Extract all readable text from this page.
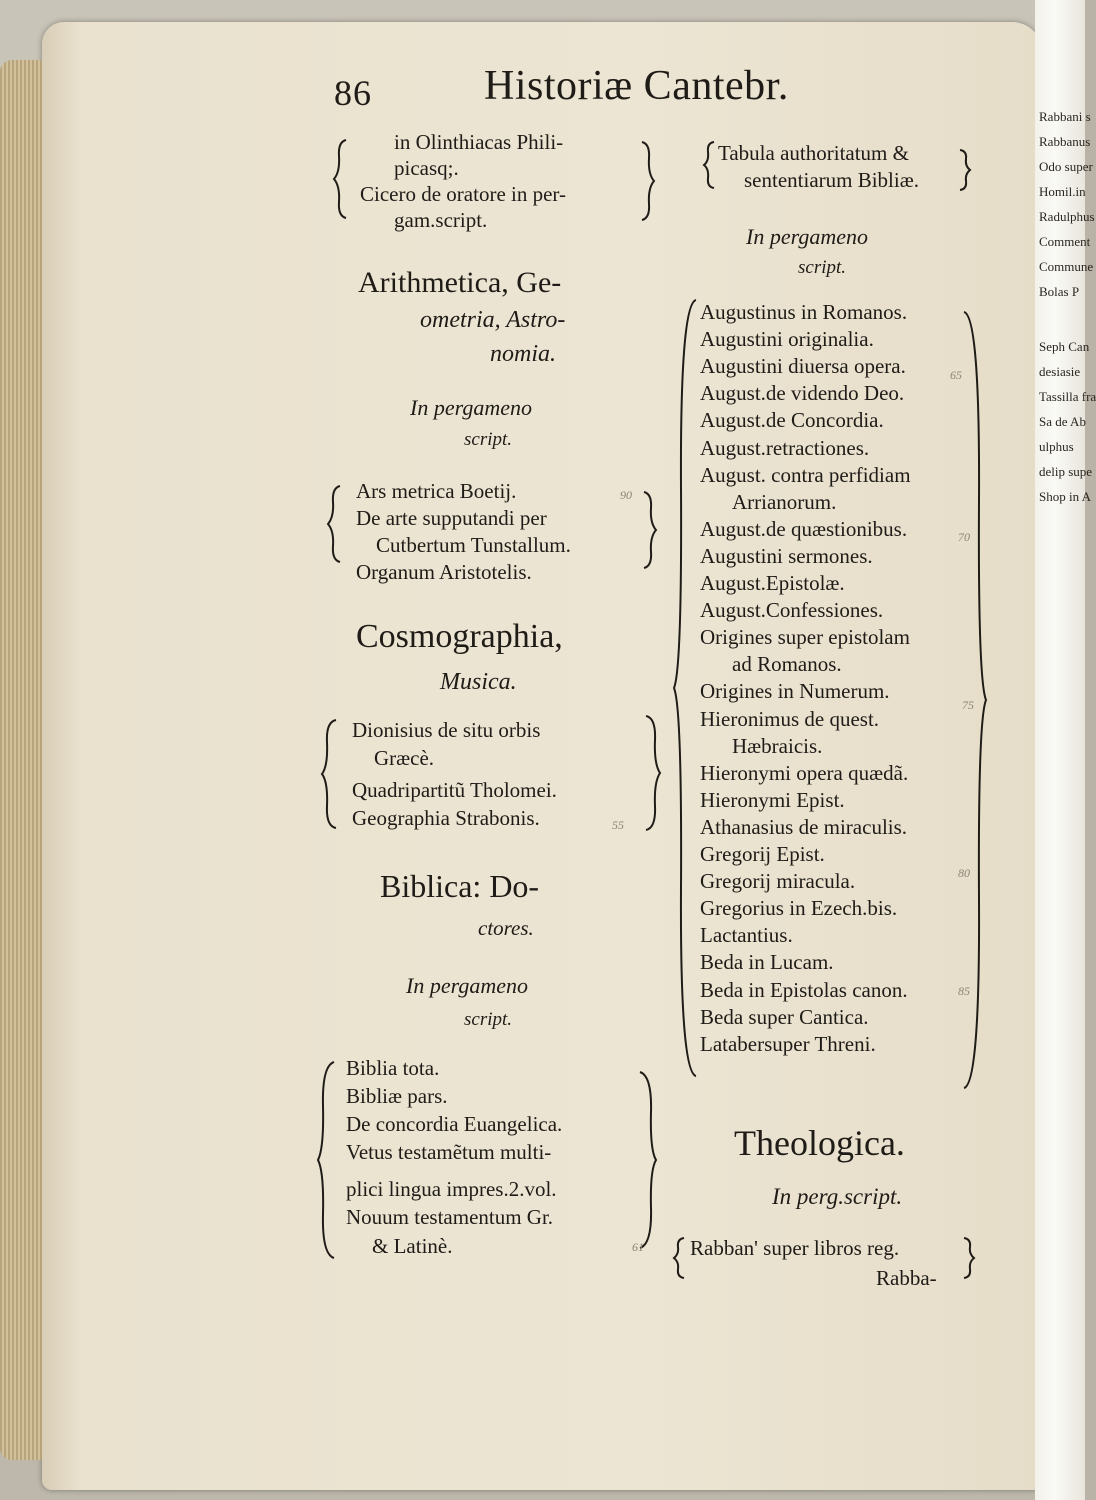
Rabbani s
Rabbanus
Odo super
Homil.in
Radulphus
Comment
Commune
Bolas P
Seph Can
desiasie
Tassilla fra
Sa de Ab
ulphus
delip supe
Shop in A
86	Historiæ Cantebr.
in Olinthiacas Phili-
picasq;.
Cicero de oratore in per-
gam.script.
Arithmetica, Ge-
ometria, Astro-
nomia.
In pergameno
script.
Ars metrica Boetij.
De arte supputandi per
Cutbertum Tunstallum.
Organum Aristotelis.
Cosmographia,
Musica.
Dionisius de situ orbis
Græcè.
Quadripartitũ Tholomei.
Geographia Strabonis.
Biblica: Do-
ctores.
In pergameno
script.
Biblia tota.
Bibliæ pars.
De concordia Euangelica.
Vetus testamẽtum multi-
plici lingua impres.2.vol.
Nouum testamentum Gr.
& Latinè.
Tabula authoritatum &
sententiarum Bibliæ.
In pergameno
script.
Augustinus in Romanos.
Augustini originalia.
Augustini diuersa opera.
August.de videndo Deo.
August.de Concordia.
August.retractiones.
August. contra perfidiam
Arrianorum.
August.de quæstionibus.
Augustini sermones.
August.Epistolæ.
August.Confessiones.
Origines super epistolam
ad Romanos.
Origines in Numerum.
Hieronimus de quest.
Hæbraicis.
Hieronymi opera quædã.
Hieronymi Epist.
Athanasius de miraculis.
Gregorij Epist.
Gregorij miracula.
Gregorius in Ezech.bis.
Lactantius.
Beda in Lucam.
Beda in Epistolas canon.
Beda super Cantica.
Latabersuper Threni.
Theologica.
In perg.script.
Rabban' super libros reg.
Rabba-
65
70
75
80
85
90
55
61
